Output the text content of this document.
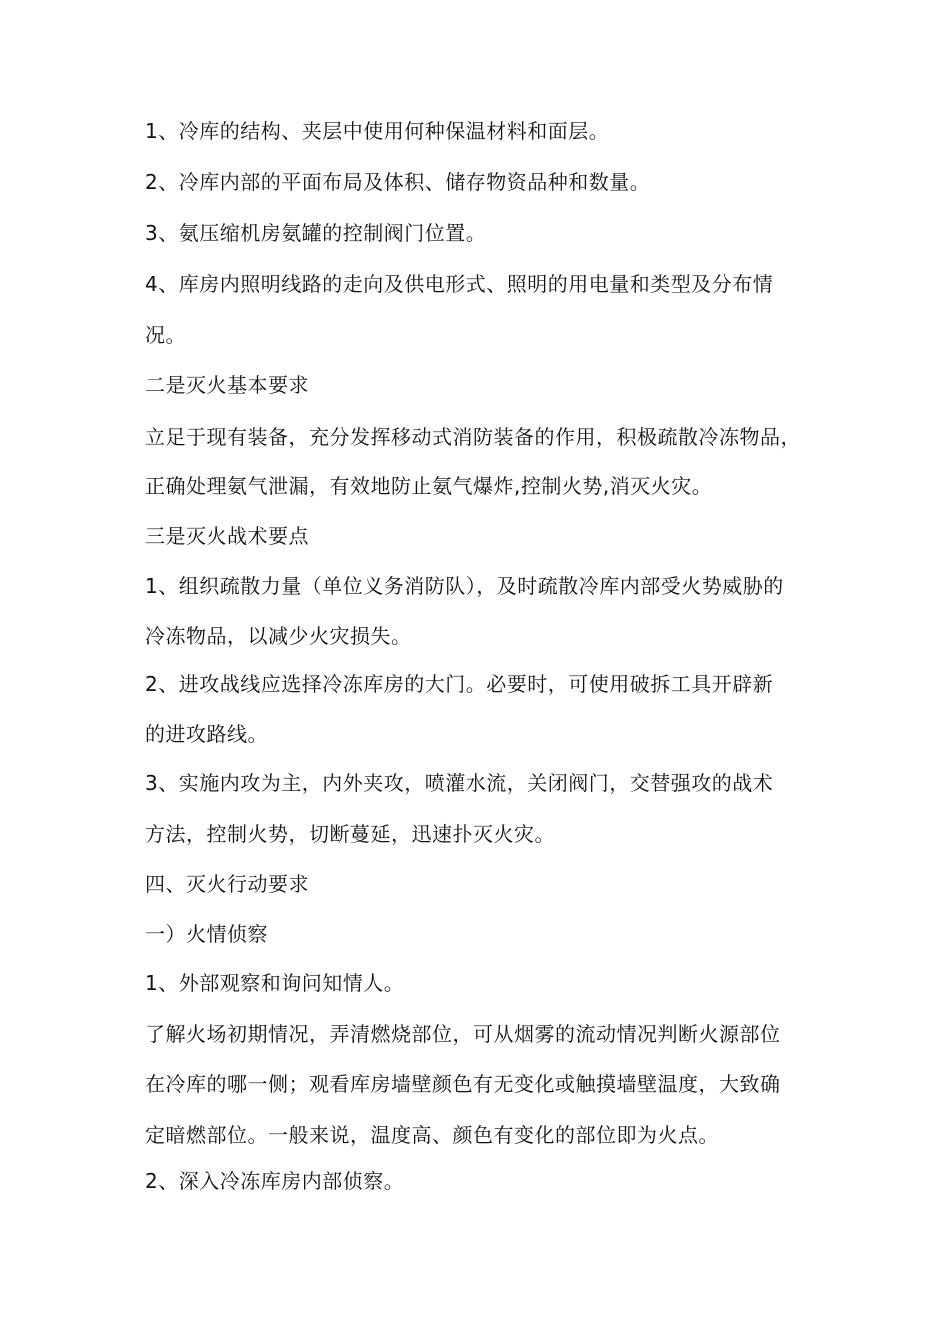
1、冷库的结构、夹层中使用何种保温材料和面层。
2、冷库内部的平面布局及体积、储存物资品种和数量。
3、氨压缩机房氨罐的控制阀门位置。
4、库房内照明线路的走向及供电形式、照明的用电量和类型及分布情
况。
二是灭火基本要求
立足于现有装备，充分发挥移动式消防装备的作用，积极疏散冷冻物品，
正确处理氨气泄漏，有效地防止氨气爆炸,控制火势,消灭火灾。
三是灭火战术要点
1、组织疏散力量（单位义务消防队），及时疏散冷库内部受火势威胁的
冷冻物品，以减少火灾损失。
2、进攻战线应选择冷冻库房的大门。必要时，可使用破拆工具开辟新
的进攻路线。
3、实施内攻为主，内外夹攻，喷灌水流，关闭阀门，交替强攻的战术
方法，控制火势，切断蔓延，迅速扑灭火灾。
四、灭火行动要求
一）火情侦察
1、外部观察和询问知情人。
了解火场初期情况，弄清燃烧部位，可从烟雾的流动情况判断火源部位
在冷库的哪一侧；观看库房墙壁颜色有无变化或触摸墙壁温度，大致确
定暗燃部位。一般来说，温度高、颜色有变化的部位即为火点。
2、深入冷冻库房内部侦察。
